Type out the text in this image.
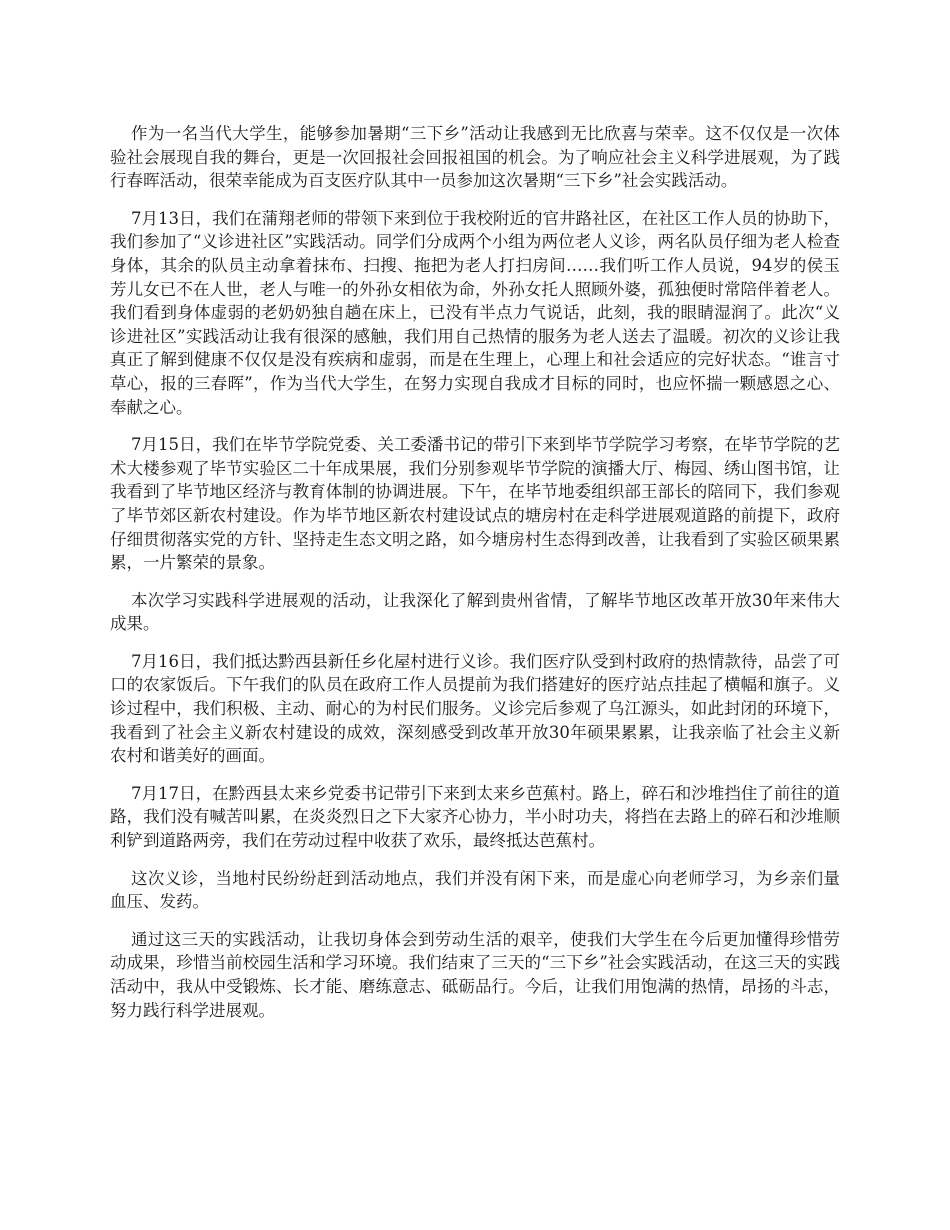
作为一名当代大学生，能够参加暑期“三下乡”活动让我感到无比欣喜与荣幸。这不仅仅是一次体验社会展现自我的舞台，更是一次回报社会回报祖国的机会。为了响应社会主义科学进展观，为了践行春晖活动，很荣幸能成为百支医疗队其中一员参加这次暑期“三下乡”社会实践活动。

7月13日，我们在蒲翔老师的带领下来到位于我校附近的官井路社区，在社区工作人员的协助下，我们参加了“义诊进社区”实践活动。同学们分成两个小组为两位老人义诊，两名队员仔细为老人检查身体，其余的队员主动拿着抹布、扫搜、拖把为老人打扫房间……我们听工作人员说，94岁的侯玉芳儿女已不在人世，老人与唯一的外孙女相依为命，外孙女托人照顾外婆，孤独便时常陪伴着老人。我们看到身体虚弱的老奶奶独自趟在床上，已没有半点力气说话，此刻，我的眼睛湿润了。此次“义诊进社区”实践活动让我有很深的感触，我们用自己热情的服务为老人送去了温暖。初次的义诊让我真正了解到健康不仅仅是没有疾病和虚弱，而是在生理上，心理上和社会适应的完好状态。“谁言寸草心，报的三春晖”，作为当代大学生，在努力实现自我成才目标的同时，也应怀揣一颗感恩之心、奉献之心。

7月15日，我们在毕节学院党委、关工委潘书记的带引下来到毕节学院学习考察，在毕节学院的艺术大楼参观了毕节实验区二十年成果展，我们分别参观毕节学院的演播大厅、梅园、绣山图书馆，让我看到了毕节地区经济与教育体制的协调进展。下午，在毕节地委组织部王部长的陪同下，我们参观了毕节郊区新农村建设。作为毕节地区新农村建设试点的塘房村在走科学进展观道路的前提下，政府仔细贯彻落实党的方针、坚持走生态文明之路，如今塘房村生态得到改善，让我看到了实验区硕果累累，一片繁荣的景象。

本次学习实践科学进展观的活动，让我深化了解到贵州省情，了解毕节地区改革开放30年来伟大成果。

7月16日，我们抵达黔西县新任乡化屋村进行义诊。我们医疗队受到村政府的热情款待，品尝了可口的农家饭后。下午我们的队员在政府工作人员提前为我们搭建好的医疗站点挂起了横幅和旗子。义诊过程中，我们积极、主动、耐心的为村民们服务。义诊完后参观了乌江源头，如此封闭的环境下，我看到了社会主义新农村建设的成效，深刻感受到改革开放30年硕果累累，让我亲临了社会主义新农村和谐美好的画面。

7月17日，在黔西县太来乡党委书记带引下来到太来乡芭蕉村。路上，碎石和沙堆挡住了前往的道路，我们没有喊苦叫累，在炎炎烈日之下大家齐心协力，半小时功夫，将挡在去路上的碎石和沙堆顺利铲到道路两旁，我们在劳动过程中收获了欢乐，最终抵达芭蕉村。

这次义诊，当地村民纷纷赶到活动地点，我们并没有闲下来，而是虚心向老师学习，为乡亲们量血压、发药。

通过这三天的实践活动，让我切身体会到劳动生活的艰辛，使我们大学生在今后更加懂得珍惜劳动成果，珍惜当前校园生活和学习环境。我们结束了三天的“三下乡”社会实践活动，在这三天的实践活动中，我从中受锻炼、长才能、磨练意志、砥砺品行。今后，让我们用饱满的热情，昂扬的斗志，努力践行科学进展观。
